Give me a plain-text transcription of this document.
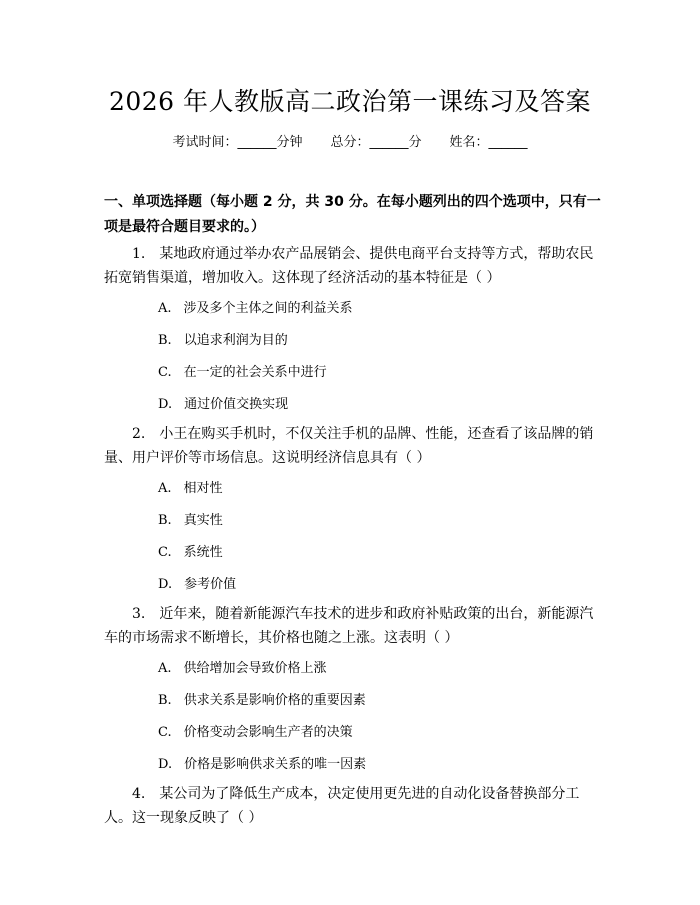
2026 年人教版高二政治第一课练习及答案
考试时间：______分钟 总分：______分 姓名：______
一、单项选择题（每小题 2 分，共 30 分。在每小题列出的四个选项中，只有一项是最符合题目要求的。）
1. 某地政府通过举办农产品展销会、提供电商平台支持等方式，帮助农民拓宽销售渠道，增加收入。这体现了经济活动的基本特征是（ ）
A. 涉及多个主体之间的利益关系
B. 以追求利润为目的
C. 在一定的社会关系中进行
D. 通过价值交换实现
2. 小王在购买手机时，不仅关注手机的品牌、性能，还查看了该品牌的销量、用户评价等市场信息。这说明经济信息具有（ ）
A. 相对性
B. 真实性
C. 系统性
D. 参考价值
3. 近年来，随着新能源汽车技术的进步和政府补贴政策的出台，新能源汽车的市场需求不断增长，其价格也随之上涨。这表明（ ）
A. 供给增加会导致价格上涨
B. 供求关系是影响价格的重要因素
C. 价格变动会影响生产者的决策
D. 价格是影响供求关系的唯一因素
4. 某公司为了降低生产成本，决定使用更先进的自动化设备替换部分工人。这一现象反映了（ ）
